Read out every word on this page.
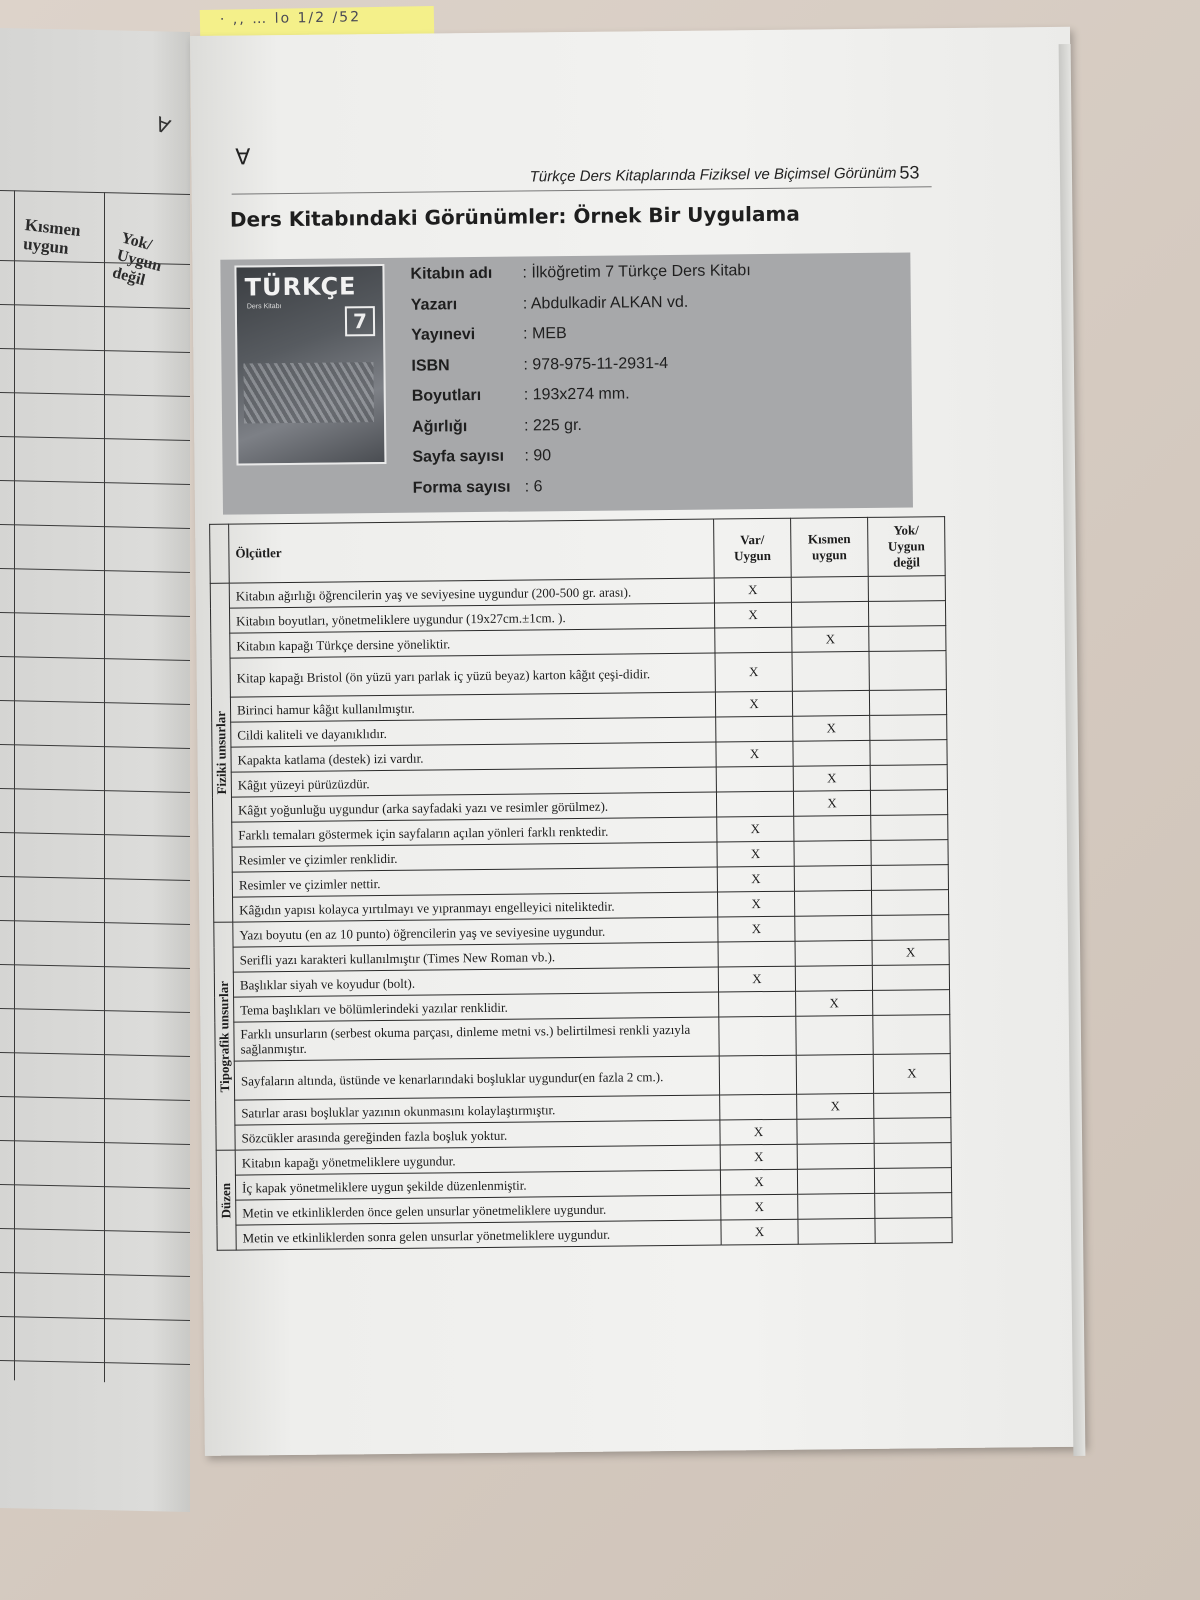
Ɐ
Kısmen uygun	Yok/ Uygun değil
· ,, … lo 1/2 /52
Ɐ
Türkçe Ders Kitaplarında Fiziksel ve Biçimsel Görünüm 53
Ders Kitabındaki Görünümler: Örnek Bir Uygulama
TÜRKÇE
Ders Kitabı
7
Kitabın adı : İlköğretim 7 Türkçe Ders Kitabı
Yazarı	: Abdulkadir ALKAN vd.
Yayınevi	: MEB
ISBN	: 978-975-11-2931-4
Boyutları	: 193x274 mm.
Ağırlığı	: 225 gr.
Sayfa sayısı : 90
Forma sayısı : 6
	Ölçütler	Var/ Uygun	Kısmen uygun	Yok/ Uygun değil

Fiziki unsurlar	Kitabın ağırlığı öğrencilerin yaş ve seviyesine uygundur (200-500 gr. arası).	X		
	Kitabın boyutları, yönetmeliklere uygundur (19x27cm.±1cm. ).	X		
	Kitabın kapağı Türkçe dersine yöneliktir.		X	
	Kitap kapağı Bristol (ön yüzü yarı parlak iç yüzü beyaz) karton kâğıt çeşi-didir.	X		
	Birinci hamur kâğıt kullanılmıştır.	X		
	Cildi kaliteli ve dayanıklıdır.		X	
	Kapakta katlama (destek) izi vardır.	X		
	Kâğıt yüzeyi pürüzüzdür.		X	
	Kâğıt yoğunluğu uygundur (arka sayfadaki yazı ve resimler görülmez).		X	
	Farklı temaları göstermek için sayfaların açılan yönleri farklı renktedir.	X		
	Resimler ve çizimler renklidir.	X		
	Resimler ve çizimler nettir.	X		
	Kâğıdın yapısı kolayca yırtılmayı ve yıpranmayı engelleyici niteliktedir.	X		

Tipografik unsurlar	Yazı boyutu (en az 10 punto) öğrencilerin yaş ve seviyesine uygundur.	X		
	Serifli yazı karakteri kullanılmıştır (Times New Roman vb.).			X
	Başlıklar siyah ve koyudur (bolt).	X		
	Tema başlıkları ve bölümlerindeki yazılar renklidir.		X	
	Farklı unsurların (serbest okuma parçası, dinleme metni vs.) belirtilmesi renkli yazıyla sağlanmıştır.			
	Sayfaların altında, üstünde ve kenarlarındaki boşluklar uygundur(en fazla 2 cm.).			X
	Satırlar arası boşluklar yazının okunmasını kolaylaştırmıştır.		X	
	Sözcükler arasında gereğinden fazla boşluk yoktur.	X		

Düzen	Kitabın kapağı yönetmeliklere uygundur.	X		
	İç kapak yönetmeliklere uygun şekilde düzenlenmiştir.	X		
	Metin ve etkinliklerden önce gelen unsurlar yönetmeliklere uygundur.	X		
	Metin ve etkinliklerden sonra gelen unsurlar yönetmeliklere uygundur.	X		
